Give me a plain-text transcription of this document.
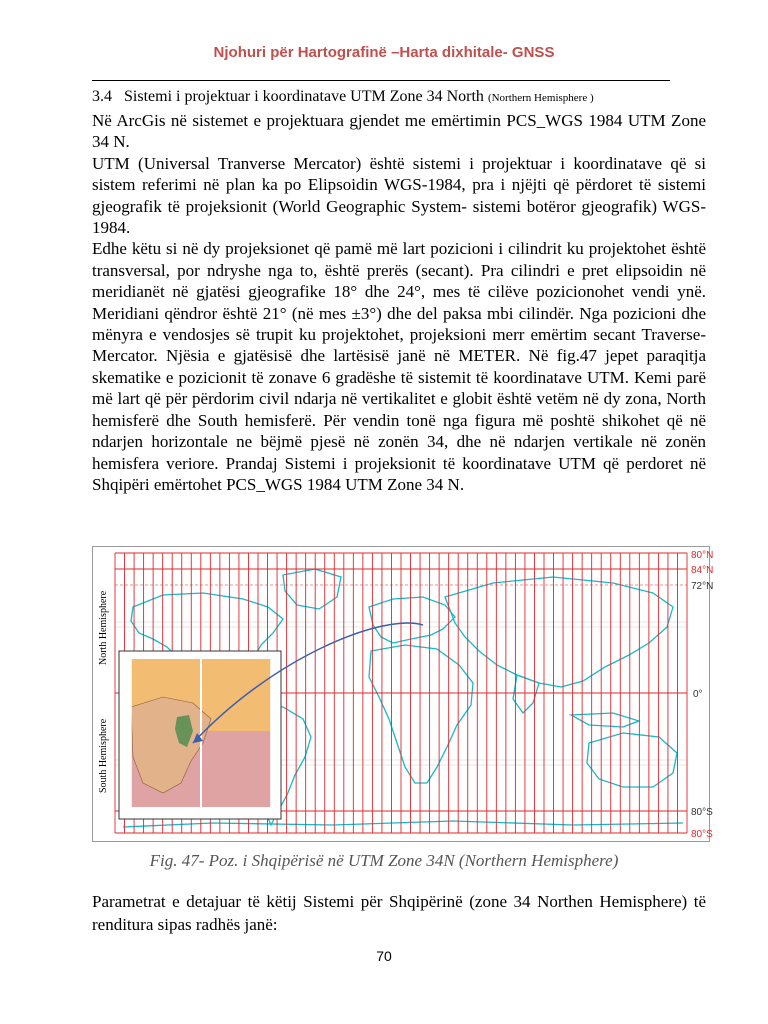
Njohuri për Hartografinë –Harta dixhitale- GNSS
3.4 Sistemi i projektuar i koordinatave UTM Zone 34 North (Northern Hemisphere )

Në ArcGis në sistemet e projektuara gjendet me emërtimin PCS_WGS 1984 UTM Zone 34 N.

UTM (Universal Tranverse Mercator) është sistemi i projektuar i koordinatave që si sistem referimi në plan ka po Elipsoidin WGS-1984, pra i njëjti që përdoret të sistemi gjeografik të projeksionit (World Geographic System- sistemi botëror gjeografik) WGS-1984.

Edhe këtu si në dy projeksionet që pamë më lart pozicioni i cilindrit ku projektohet është transversal, por ndryshe nga to, është prerës (secant). Pra cilindri e pret elipsoidin në meridianët në gjatësi gjeografike 18° dhe 24°, mes të cilëve pozicionohet vendi ynë. Meridiani qëndror është 21° (në mes ±3°) dhe del paksa mbi cilindër. Nga pozicioni dhe mënyra e vendosjes së trupit ku projektohet, projeksioni merr emërtim secant Traverse-Mercator. Njësia e gjatësisë dhe lartësisë janë në METER. Në fig.47 jepet paraqitja skematike e pozicionit të zonave 6 gradëshe të sistemit të koordinatave UTM. Kemi parë më lart që për përdorim civil ndarja në vertikalitet e globit është vetëm në dy zona, North hemisferë dhe South hemisferë. Për vendin tonë nga figura më poshtë shikohet që në ndarjen horizontale ne bëjmë pjesë në zonën 34, dhe në ndarjen vertikale në zonën hemisfera veriore. Prandaj Sistemi i projeksionit të koordinatave UTM që perdoret në Shqipëri emërtohet PCS_WGS 1984 UTM Zone 34 N.

80°N
84°N
72°N
0°
80°S
80°S
North Hemisphere
South Hemisphere
Fig. 47- Poz. i Shqipërisë në UTM Zone 34N (Northern Hemisphere)

Parametrat e detajuar të këtij Sistemi për Shqipërinë (zone 34 Northen Hemisphere) të renditura sipas radhës janë:

70
